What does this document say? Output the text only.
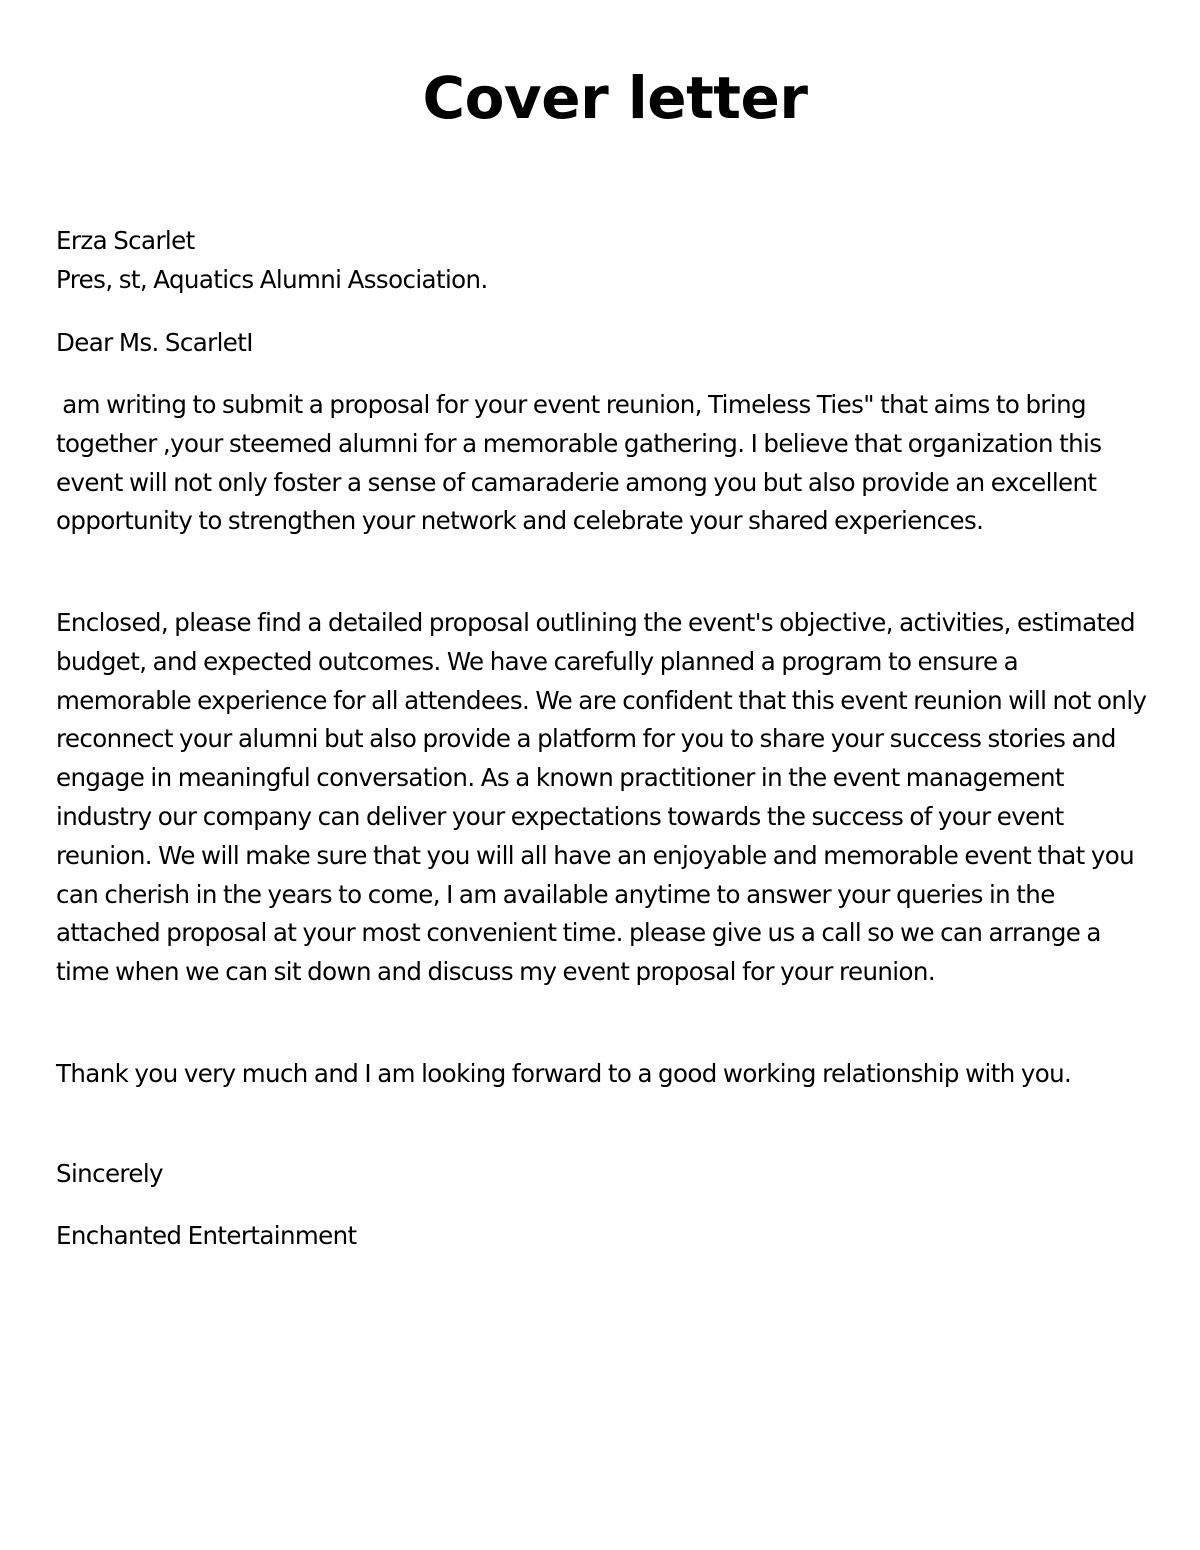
Cover letter
Erza Scarlet
Pres, st, Aquatics Alumni Association.

Dear Ms. ScarletI

am writing to submit a proposal for your event reunion, Timeless Ties" that aims to bring together ,your steemed alumni for a memorable gathering. I believe that organization this event will not only foster a sense of camaraderie among you but also provide an excellent opportunity to strengthen your network and celebrate your shared experiences.

Enclosed, please find a detailed proposal outlining the event's objective, activities, estimated budget, and expected outcomes. We have carefully planned a program to ensure a memorable experience for all attendees. We are confident that this event reunion will not only reconnect your alumni but also provide a platform for you to share your success stories and engage in meaningful conversation. As a known practitioner in the event management industry our company can deliver your expectations towards the success of your event reunion. We will make sure that you will all have an enjoyable and memorable event that you can cherish in the years to come, I am available anytime to answer your queries in the attached proposal at your most convenient time. please give us a call so we can arrange a time when we can sit down and discuss my event proposal for your reunion.

Thank you very much and I am looking forward to a good working relationship with you.

Sincerely

Enchanted Entertainment
